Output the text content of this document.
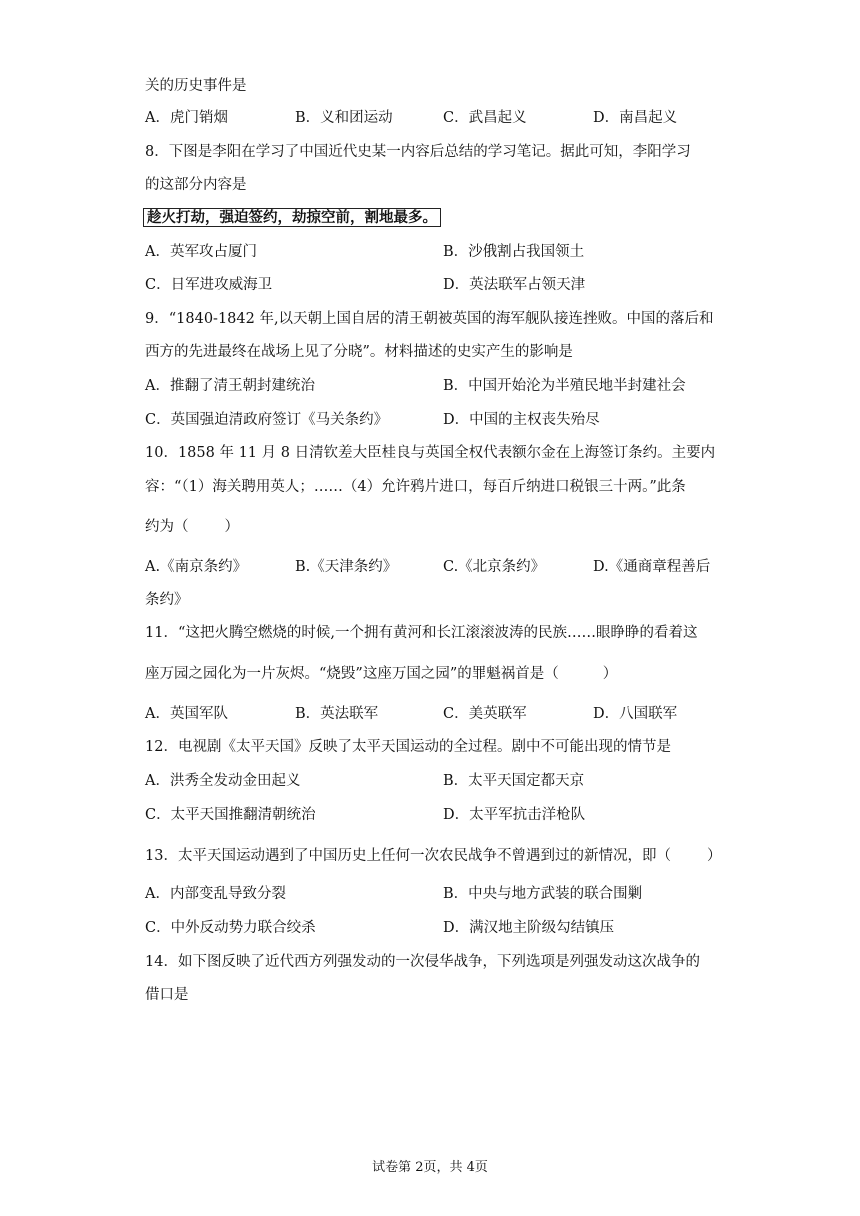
关的历史事件是
A．虎门销烟	B．义和团运动	C．武昌起义	D．南昌起义
8．下图是李阳在学习了中国近代史某一内容后总结的学习笔记。据此可知，李阳学习
的这部分内容是
趁火打劫，强迫签约，劫掠空前，割地最多。
A．英军攻占厦门	B．沙俄割占我国领土
C．日军进攻威海卫	D．英法联军占领天津
9．“1840-1842 年,以天朝上国自居的清王朝被英国的海军舰队接连挫败。中国的落后和
西方的先进最终在战场上见了分晓”。材料描述的史实产生的影响是
A．推翻了清王朝封建统治	B．中国开始沦为半殖民地半封建社会
C．英国强迫清政府签订《马关条约》	D．中国的主权丧失殆尽
10．1858 年 11 月 8 日清钦差大臣桂良与英国全权代表额尔金在上海签订条约。主要内
容：“（1）海关聘用英人；……（4）允许鸦片进口，每百斤纳进口税银三十两。”此条
约为（ ）
A.《南京条约》	B.《天津条约》	C.《北京条约》	D.《通商章程善后
条约》
11．“这把火腾空燃烧的时候,一个拥有黄河和长江滚滚波涛的民族……眼睁睁的看着这
座万园之园化为一片灰烬。“烧毁”这座万国之园”的罪魁祸首是（	）
A．英国军队	B．英法联军	C．美英联军	D．八国联军
12．电视剧《太平天国》反映了太平天国运动的全过程。剧中不可能出现的情节是
A．洪秀全发动金田起义	B．太平天国定都天京
C．太平天国推翻清朝统治	D．太平军抗击洋枪队
13．太平天国运动遇到了中国历史上任何一次农民战争不曾遇到过的新情况，即（ ）
A．内部变乱导致分裂	B．中央与地方武装的联合围剿
C．中外反动势力联合绞杀	D．满汉地主阶级勾结镇压
14．如下图反映了近代西方列强发动的一次侵华战争，下列选项是列强发动这次战争的
借口是
试卷第 2页，共 4页
